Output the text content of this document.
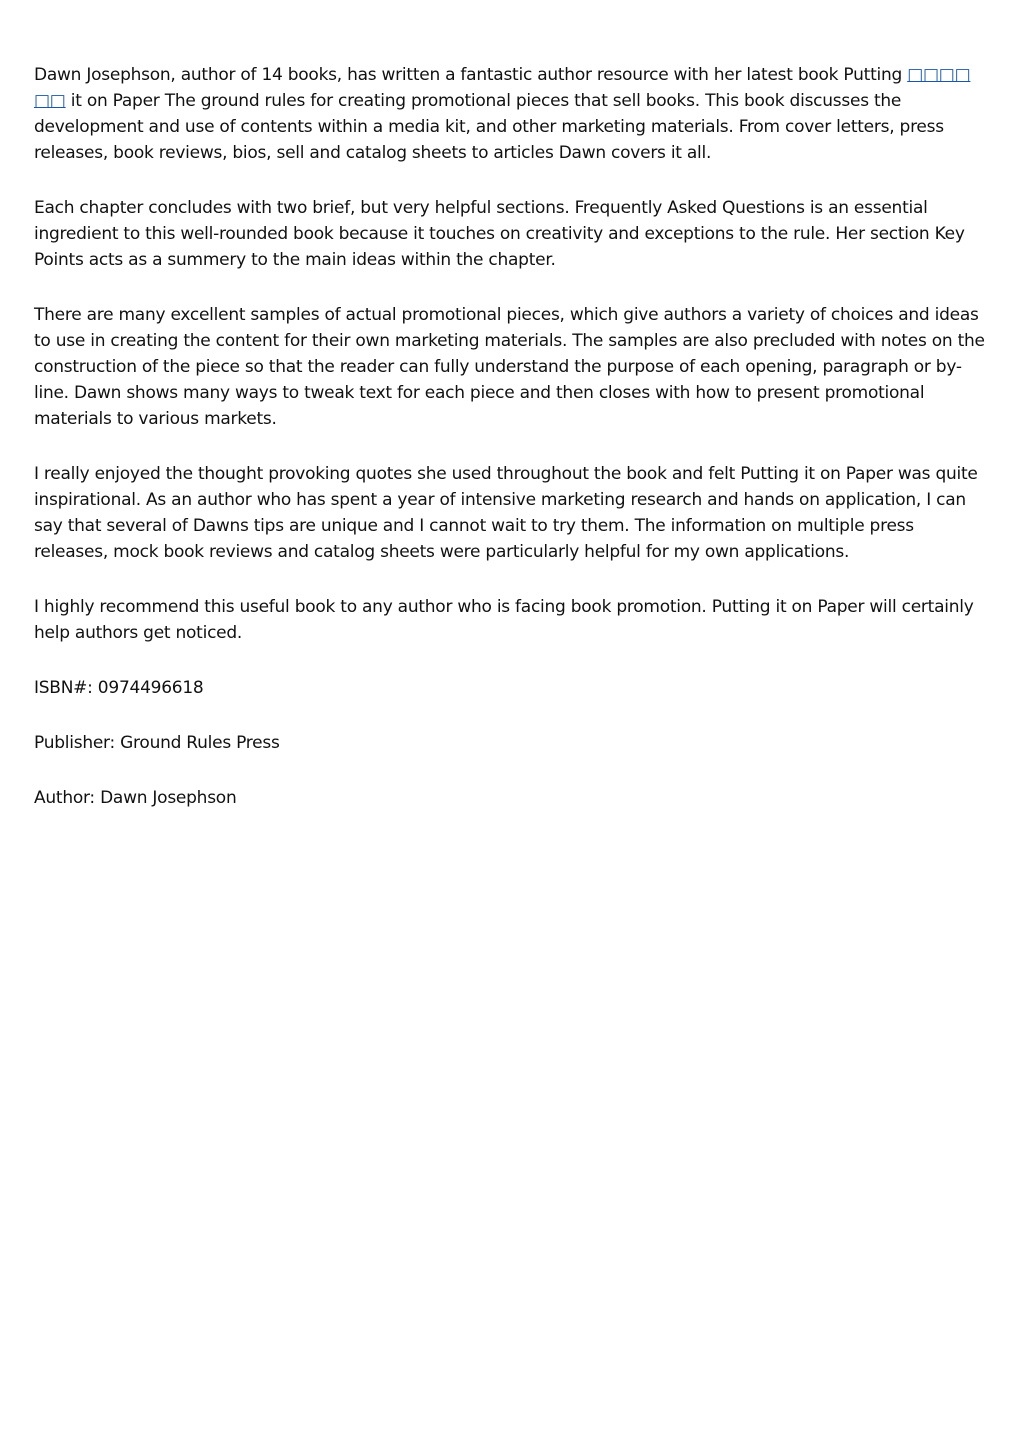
Dawn Josephson, author of 14 books, has written a fantastic author resource with her latest book Putting □□□□ □□ it on Paper The ground rules for creating promotional pieces that sell books. This book discusses the development and use of contents within a media kit, and other marketing materials. From cover letters, press releases, book reviews, bios, sell and catalog sheets to articles Dawn covers it all.

Each chapter concludes with two brief, but very helpful sections. Frequently Asked Questions is an essential ingredient to this well-rounded book because it touches on creativity and exceptions to the rule. Her section Key Points acts as a summery to the main ideas within the chapter.

There are many excellent samples of actual promotional pieces, which give authors a variety of choices and ideas to use in creating the content for their own marketing materials. The samples are also precluded with notes on the construction of the piece so that the reader can fully understand the purpose of each opening, paragraph or by-line. Dawn shows many ways to tweak text for each piece and then closes with how to present promotional materials to various markets.

I really enjoyed the thought provoking quotes she used throughout the book and felt Putting it on Paper was quite inspirational. As an author who has spent a year of intensive marketing research and hands on application, I can say that several of Dawns tips are unique and I cannot wait to try them. The information on multiple press releases, mock book reviews and catalog sheets were particularly helpful for my own applications.

I highly recommend this useful book to any author who is facing book promotion. Putting it on Paper will certainly help authors get noticed.

ISBN#: 0974496618

Publisher: Ground Rules Press

Author: Dawn Josephson
